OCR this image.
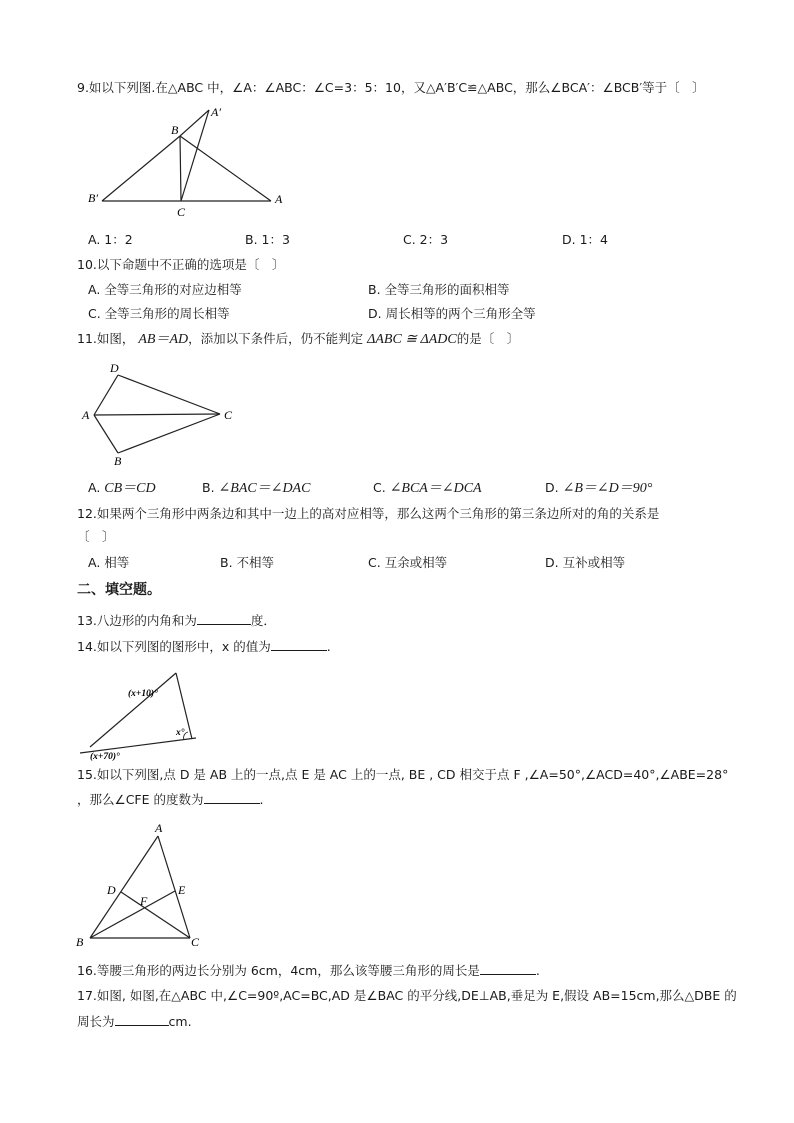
9.如以下列图.在△ABC 中，∠A：∠ABC：∠C=3：5：10，又△A′B′C≌△ABC，那么∠BCA′：∠BCB′等于〔　〕
A′
B
B′
C
A
A. 1：2	B. 1：3	C. 2：3	D. 1：4
10.以下命题中不正确的选项是〔　〕
A. 全等三角形的对应边相等	B. 全等三角形的面积相等
C. 全等三角形的周长相等	D. 周长相等的两个三角形全等
11.如图， AB＝AD，添加以下条件后，仍不能判定 ΔABC ≅ ΔADC的是〔　〕
D
A	C
B
A. CB＝CD	B. ∠BAC＝∠DAC	C. ∠BCA＝∠DCA	D. ∠B＝∠D＝90°
12.如果两个三角形中两条边和其中一边上的高对应相等，那么这两个三角形的第三条边所对的角的关系是
〔　〕
A. 相等	B. 不相等	C. 互余或相等	D. 互补或相等
二、填空题。
13.八边形的内角和为	度．
14.如以下列图的图形中，x 的值为	.
(x+10)°
x°
(x+70)°
15.如以下列图,点 D 是 AB 上的一点,点 E 是 AC 上的一点, BE , CD 相交于点 F ,∠A=50°,∠ACD=40°,∠ABE=28°
，那么∠CFE 的度数为	.
A
D	E
F
B	C
16.等腰三角形的两边长分别为 6cm，4cm，那么该等腰三角形的周长是	.
17.如图, 如图,在△ABC 中,∠C=90º,AC=BC,AD 是∠BAC 的平分线,DE⊥AB,垂足为 E,假设 AB=15cm,那么△DBE 的
周长为	cm.
